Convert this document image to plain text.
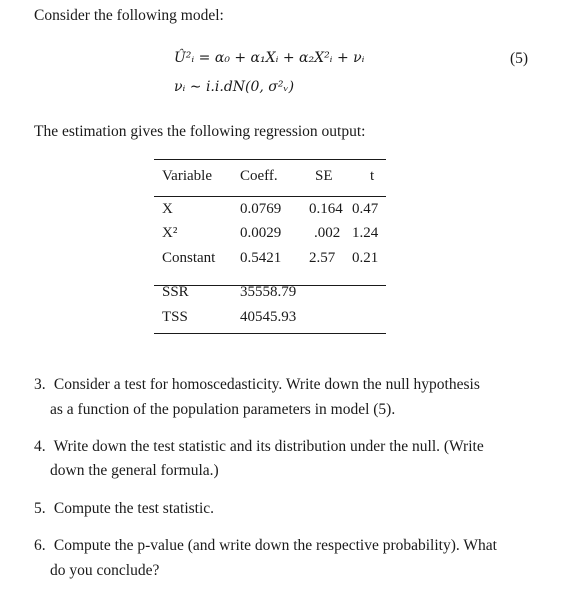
Consider the following model:
Û²ᵢ = α₀ + α₁Xᵢ + α₂X²ᵢ + νᵢ
νᵢ ∼ i.i.dN(0, σ²ᵥ)
(5)
The estimation gives the following regression output:
Variable Coeff. SE t
X	0.0769 0.164 0.47
X²	0.0029 .002 1.24
Constant 0.5421 2.57 0.21
SSR	35558.79
TSS	40545.93
3. Consider a test for homoscedasticity. Write down the null hypothesis
as a function of the population parameters in model (5).
4. Write down the test statistic and its distribution under the null. (Write
down the general formula.)
5. Compute the test statistic.
6. Compute the p-value (and write down the respective probability). What
do you conclude?
